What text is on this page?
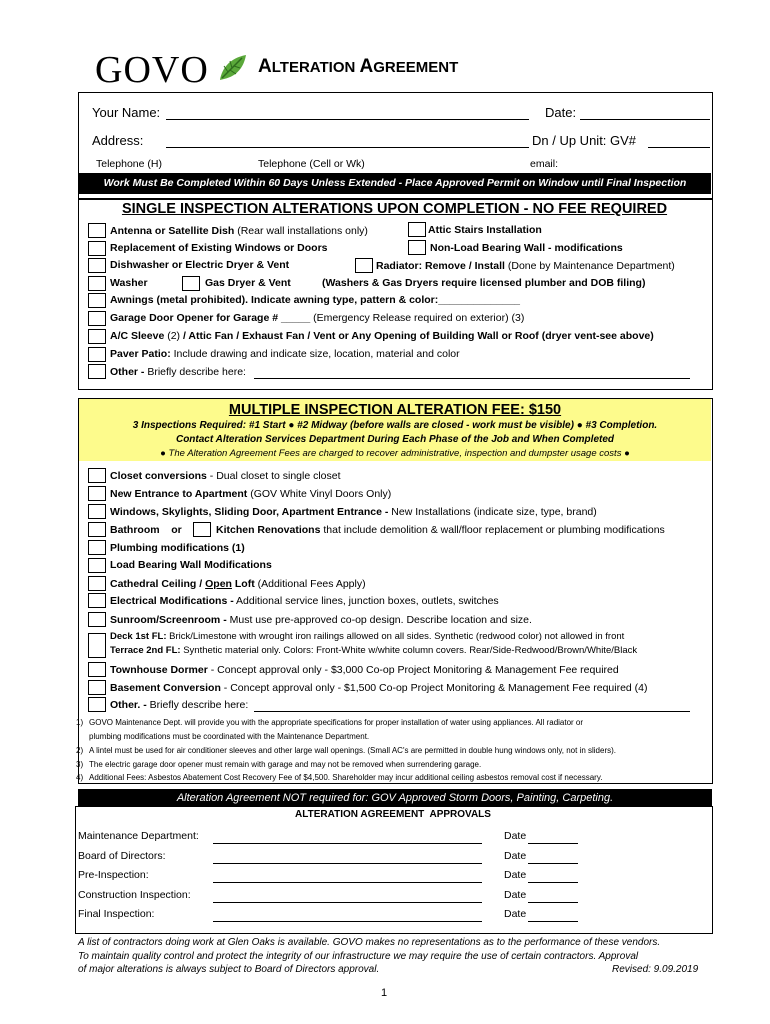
GOVO	ALTERATION AGREEMENT
Your Name:	Date:
Address:	Dn / Up Unit: GV#
Telephone (H)	Telephone (Cell or Wk)	email:
Work Must Be Completed Within 60 Days Unless Extended - Place Approved Permit on Window until Final Inspection
SINGLE INSPECTION ALTERATIONS UPON COMPLETION - NO FEE REQUIRED
Antenna or Satellite Dish (Rear wall installations only)	Attic Stairs Installation
Replacement of Existing Windows or Doors	Non-Load Bearing Wall - modifications
Dishwasher or Electric Dryer & Vent	Radiator: Remove / Install (Done by Maintenance Department)
Washer	Gas Dryer & Vent	(Washers & Gas Dryers require licensed plumber and DOB filing)
Awnings (metal prohibited). Indicate awning type, pattern & color:______________
Garage Door Opener for Garage # _____ (Emergency Release required on exterior) (3)
A/C Sleeve (2) / Attic Fan / Exhaust Fan / Vent or Any Opening of Building Wall or Roof (dryer vent-see above)
Paver Patio: Include drawing and indicate size, location, material and color
Other - Briefly describe here:
MULTIPLE INSPECTION ALTERATION FEE: $150
3 Inspections Required: #1 Start ● #2 Midway (before walls are closed - work must be visible) ● #3 Completion.
Contact Alteration Services Department During Each Phase of the Job and When Completed
● The Alteration Agreement Fees are charged to recover administrative, inspection and dumpster usage costs ●
Closet conversions - Dual closet to single closet
New Entrance to Apartment (GOV White Vinyl Doors Only)
Windows, Skylights, Sliding Door, Apartment Entrance - New Installations (indicate size, type, brand)
Bathroom    or	Kitchen Renovations that include demolition & wall/floor replacement or plumbing modifications
Plumbing modifications (1)
Load Bearing Wall Modifications
Cathedral Ceiling / Open Loft (Additional Fees Apply)
Electrical Modifications - Additional service lines, junction boxes, outlets, switches
Sunroom/Screenroom - Must use pre-approved co-op design. Describe location and size.
Deck 1st FL: Brick/Limestone with wrought iron railings allowed on all sides. Synthetic (redwood color) not allowed in front
Terrace 2nd FL: Synthetic material only. Colors: Front-White w/white column covers. Rear/Side-Redwood/Brown/White/Black
Townhouse Dormer - Concept approval only - $3,000 Co-op Project Monitoring & Management Fee required
Basement Conversion - Concept approval only - $1,500 Co-op Project Monitoring & Management Fee required (4)
Other. - Briefly describe here:
1) GOVO Maintenance Dept. will provide you with the appropriate specifications for proper installation of water using appliances. All radiator or
plumbing modifications must be coordinated with the Maintenance Department.
2) A lintel must be used for air conditioner sleeves and other large wall openings. (Small AC's are permitted in double hung windows only, not in sliders).
3) The electric garage door opener must remain with garage and may not be removed when surrendering garage.
4) Additional Fees: Asbestos Abatement Cost Recovery Fee of $4,500. Shareholder may incur additional ceiling asbestos removal cost if necessary.
Alteration Agreement NOT required for: GOV Approved Storm Doors, Painting, Carpeting.
ALTERATION AGREEMENT  APPROVALS
Maintenance Department:	Date
Board of Directors:	Date
Pre-Inspection:	Date
Construction Inspection:	Date
Final Inspection:	Date
A list of contractors doing work at Glen Oaks is available. GOVO makes no representations as to the performance of these vendors.
To maintain quality control and protect the integrity of our infrastructure we may require the use of certain contractors. Approval
of major alterations is always subject to Board of Directors approval.	Revised: 9.09.2019
1
